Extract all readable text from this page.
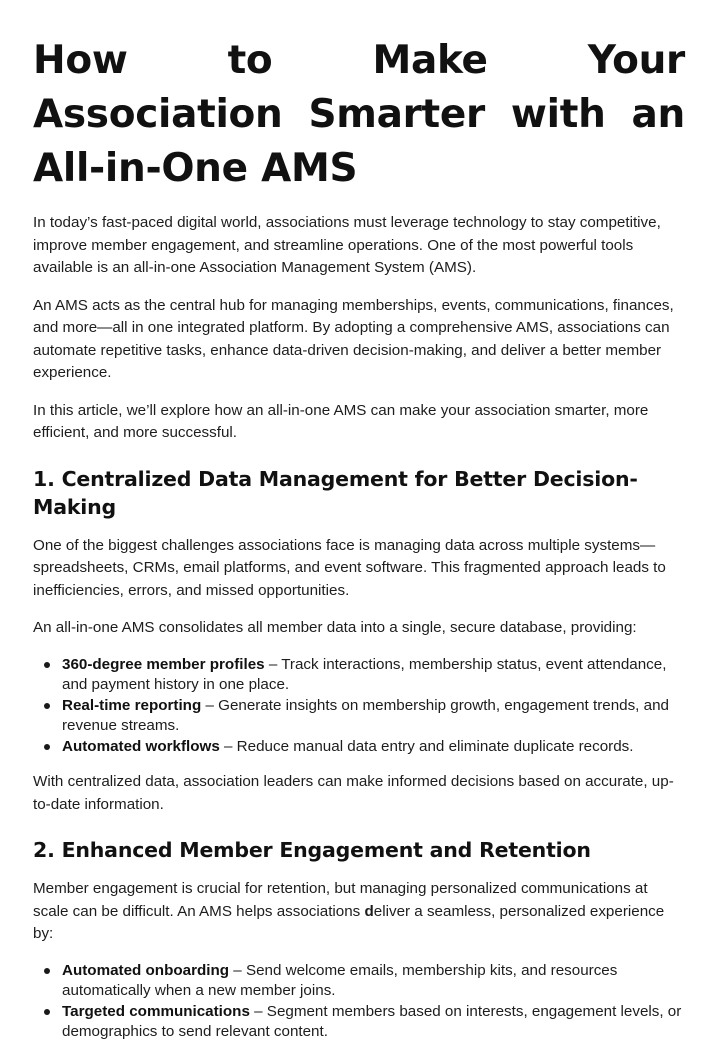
How to Make Your Association Smarter with an All-in-One AMS

In today’s fast-paced digital world, associations must leverage technology to stay competitive, improve member engagement, and streamline operations. One of the most powerful tools available is an all-in-one Association Management System (AMS).

An AMS acts as the central hub for managing memberships, events, communications, finances, and more—all in one integrated platform. By adopting a comprehensive AMS, associations can automate repetitive tasks, enhance data-driven decision-making, and deliver a better member experience.

In this article, we’ll explore how an all-in-one AMS can make your association smarter, more efficient, and more successful.

1. Centralized Data Management for Better Decision-Making

One of the biggest challenges associations face is managing data across multiple systems—spreadsheets, CRMs, email platforms, and event software. This fragmented approach leads to inefficiencies, errors, and missed opportunities.

An all-in-one AMS consolidates all member data into a single, secure database, providing:

360-degree member profiles – Track interactions, membership status, event attendance, and payment history in one place.
Real-time reporting – Generate insights on membership growth, engagement trends, and revenue streams.
Automated workflows – Reduce manual data entry and eliminate duplicate records.

With centralized data, association leaders can make informed decisions based on accurate, up-to-date information.

2. Enhanced Member Engagement and Retention

Member engagement is crucial for retention, but managing personalized communications at scale can be difficult. An AMS helps associations deliver a seamless, personalized experience by:

Automated onboarding – Send welcome emails, membership kits, and resources automatically when a new member joins.
Targeted communications – Segment members based on interests, engagement levels, or demographics to send relevant content.
